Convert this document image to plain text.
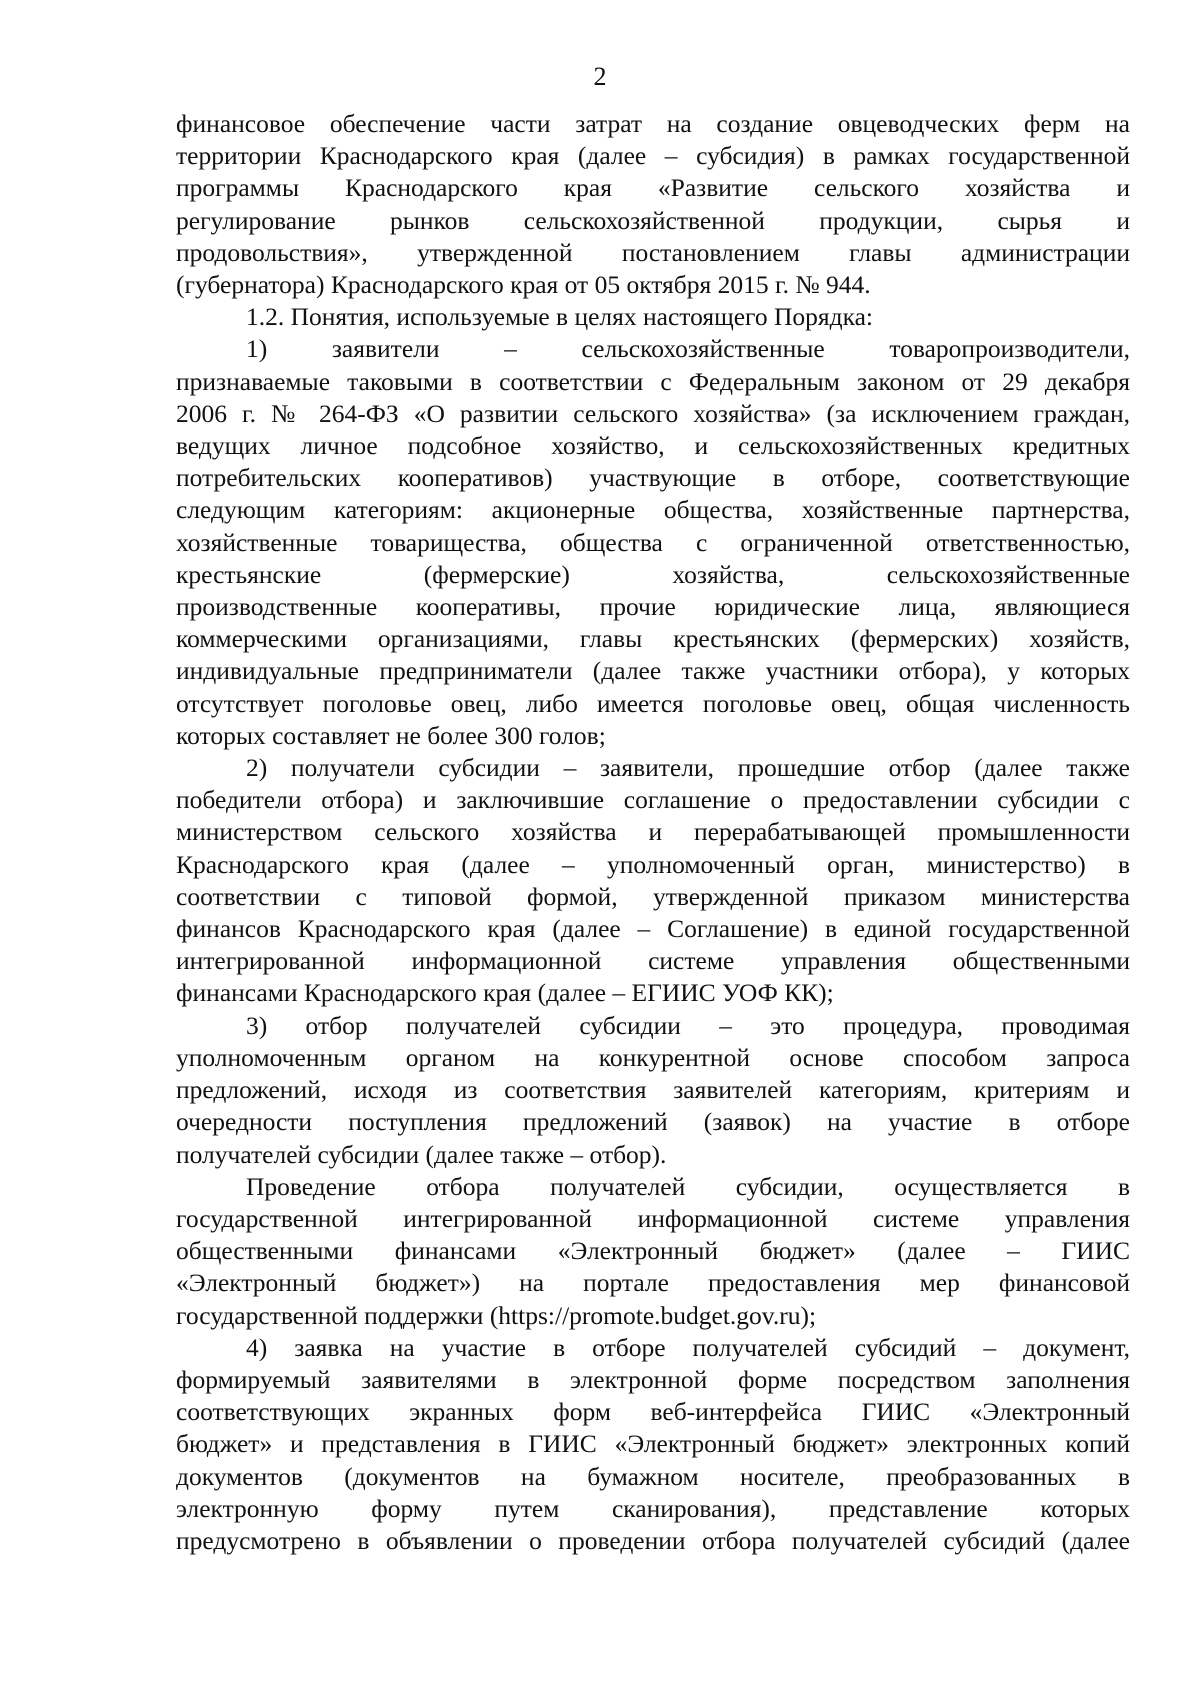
2
финансовое обеспечение части затрат на создание овцеводческих ферм на
территории Краснодарского края (далее – субсидия) в рамках государственной
программы Краснодарского края «Развитие сельского хозяйства и
регулирование рынков сельскохозяйственной продукции, сырья и
продовольствия», утвержденной постановлением главы администрации
(губернатора) Краснодарского края от 05 октября 2015 г. № 944.
1.2. Понятия, используемые в целях настоящего Порядка:
1) заявители – сельскохозяйственные товаропроизводители,
признаваемые таковыми в соответствии с Федеральным законом от 29 декабря
2006 г. № 264-ФЗ «О развитии сельского хозяйства» (за исключением граждан,
ведущих личное подсобное хозяйство, и сельскохозяйственных кредитных
потребительских кооперативов) участвующие в отборе, соответствующие
следующим категориям: акционерные общества, хозяйственные партнерства,
хозяйственные товарищества, общества с ограниченной ответственностью,
крестьянские (фермерские) хозяйства, сельскохозяйственные
производственные кооперативы, прочие юридические лица, являющиеся
коммерческими организациями, главы крестьянских (фермерских) хозяйств,
индивидуальные предприниматели (далее также участники отбора), у которых
отсутствует поголовье овец, либо имеется поголовье овец, общая численность
которых составляет не более 300 голов;
2) получатели субсидии – заявители, прошедшие отбор (далее также
победители отбора) и заключившие соглашение о предоставлении субсидии с
министерством сельского хозяйства и перерабатывающей промышленности
Краснодарского края (далее – уполномоченный орган, министерство) в
соответствии с типовой формой, утвержденной приказом министерства
финансов Краснодарского края (далее – Соглашение) в единой государственной
интегрированной информационной системе управления общественными
финансами Краснодарского края (далее – ЕГИИС УОФ КК);
3) отбор получателей субсидии – это процедура, проводимая
уполномоченным органом на конкурентной основе способом запроса
предложений, исходя из соответствия заявителей категориям, критериям и
очередности поступления предложений (заявок) на участие в отборе
получателей субсидии (далее также – отбор).
Проведение отбора получателей субсидии, осуществляется в
государственной интегрированной информационной системе управления
общественными финансами «Электронный бюджет» (далее – ГИИС
«Электронный бюджет») на портале предоставления мер финансовой
государственной поддержки (https://promote.budget.gov.ru);
4) заявка на участие в отборе получателей субсидий – документ,
формируемый заявителями в электронной форме посредством заполнения
соответствующих экранных форм веб-интерфейса ГИИС «Электронный
бюджет» и представления в ГИИС «Электронный бюджет» электронных копий
документов (документов на бумажном носителе, преобразованных в
электронную форму путем сканирования), представление которых
предусмотрено в объявлении о проведении отбора получателей субсидий (далее
